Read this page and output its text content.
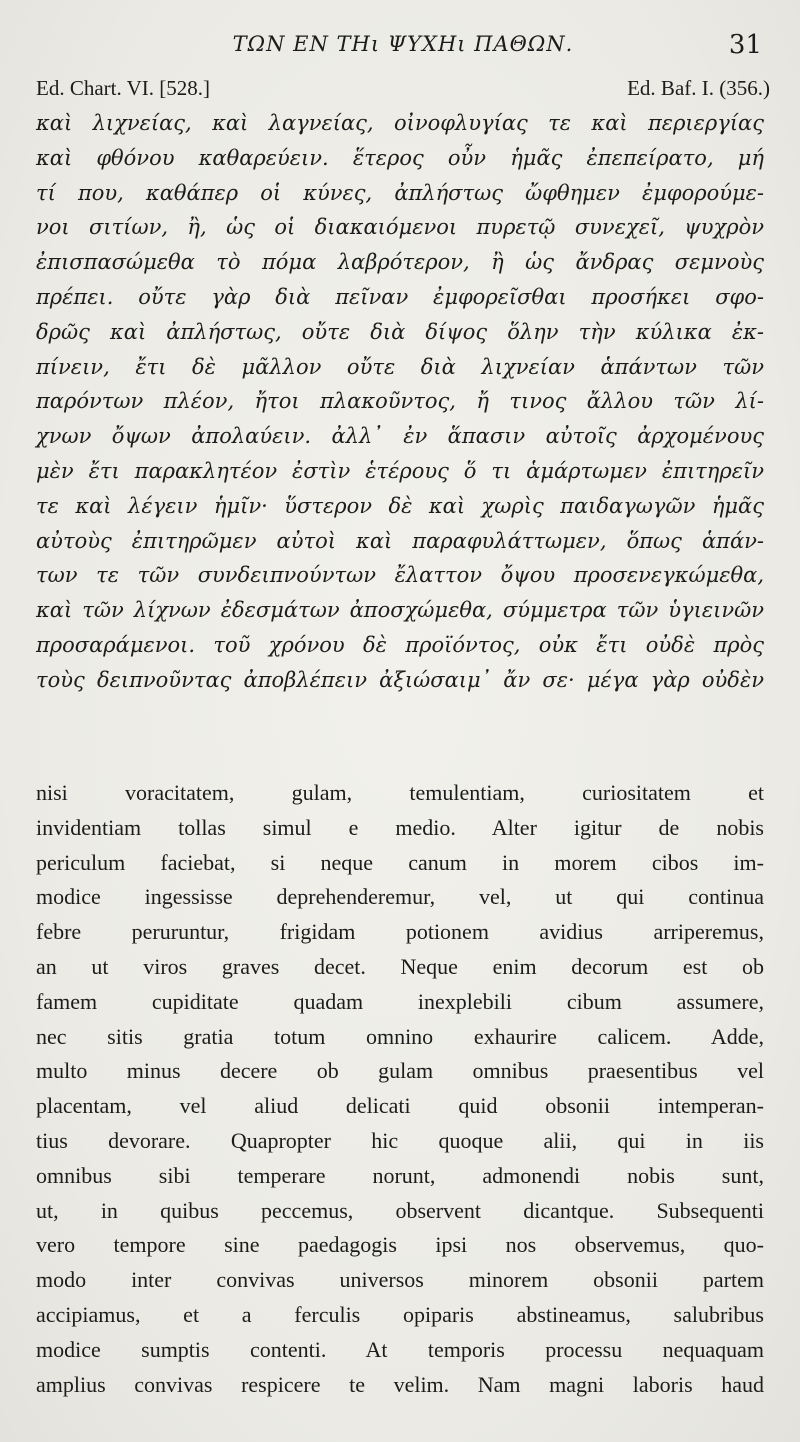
ΤΩΝ ΕΝ ΤΗι ΨΥΧΗι ΠΑΘΩΝ.	31
Ed. Chart. VI. [528.]	Ed. Baf. I. (356.)
καὶ λιχνείας, καὶ λαγνείας, οἰνοφλυγίας τε καὶ περιεργίας
καὶ φθόνου καθαρεύειν. ἕτερος οὖν ἡμᾶς ἐπεπείρατο, μή
τί που, καθάπερ οἱ κύνες, ἀπλήστως ὤφθημεν ἐμφορούμε-
νοι σιτίων, ἢ, ὡς οἱ διακαιόμενοι πυρετῷ συνεχεῖ, ψυχρὸν
ἐπισπασώμεθα τὸ πόμα λαβρότερον, ἢ ὡς ἄνδρας σεμνοὺς
πρέπει. οὔτε γὰρ διὰ πεῖναν ἐμφορεῖσθαι προσήκει σφο-
δρῶς καὶ ἀπλήστως, οὔτε διὰ δίψος ὅλην τὴν κύλικα ἐκ-
πίνειν, ἔτι δὲ μᾶλλον οὔτε διὰ λιχνείαν ἁπάντων τῶν
παρόντων πλέον, ἤτοι πλακοῦντος, ἤ τινος ἄλλου τῶν λί-
χνων ὄψων ἀπολαύειν. ἀλλ᾽ ἐν ἅπασιν αὐτοῖς ἀρχομένους
μὲν ἔτι παρακλητέον ἐστὶν ἑτέρους ὅ τι ἁμάρτωμεν ἐπιτηρεῖν
τε καὶ λέγειν ἡμῖν· ὕστερον δὲ καὶ χωρὶς παιδαγωγῶν ἡμᾶς
αὐτοὺς ἐπιτηρῶμεν αὐτοὶ καὶ παραφυλάττωμεν, ὅπως ἁπάν-
των τε τῶν συνδειπνούντων ἔλαττον ὄψου προσενεγκώμεθα,
καὶ τῶν λίχνων ἐδεσμάτων ἀποσχώμεθα, σύμμετρα τῶν ὑγιεινῶν
προσαράμενοι. τοῦ χρόνου δὲ προϊόντος, οὐκ ἔτι οὐδὲ πρὸς
τοὺς δειπνοῦντας ἀποβλέπειν ἀξιώσαιμ᾽ ἄν σε· μέγα γὰρ οὐδὲν
nisi voracitatem, gulam, temulentiam, curiositatem et
invidentiam tollas simul e medio. Alter igitur de nobis
periculum faciebat, si neque canum in morem cibos im-
modice ingessisse deprehenderemur, vel, ut qui continua
febre peruruntur, frigidam potionem avidius arriperemus,
an ut viros graves decet. Neque enim decorum est ob
famem cupiditate quadam inexplebili cibum assumere,
nec sitis gratia totum omnino exhaurire calicem. Adde,
multo minus decere ob gulam omnibus praesentibus vel
placentam, vel aliud delicati quid obsonii intemperan-
tius devorare. Quapropter hic quoque alii, qui in iis
omnibus sibi temperare norunt, admonendi nobis sunt,
ut, in quibus peccemus, observent dicantque. Subsequenti
vero tempore sine paedagogis ipsi nos observemus, quo-
modo inter convivas universos minorem obsonii partem
accipiamus, et a ferculis opiparis abstineamus, salubribus
modice sumptis contenti. At temporis processu nequaquam
amplius convivas respicere te velim. Nam magni laboris haud
